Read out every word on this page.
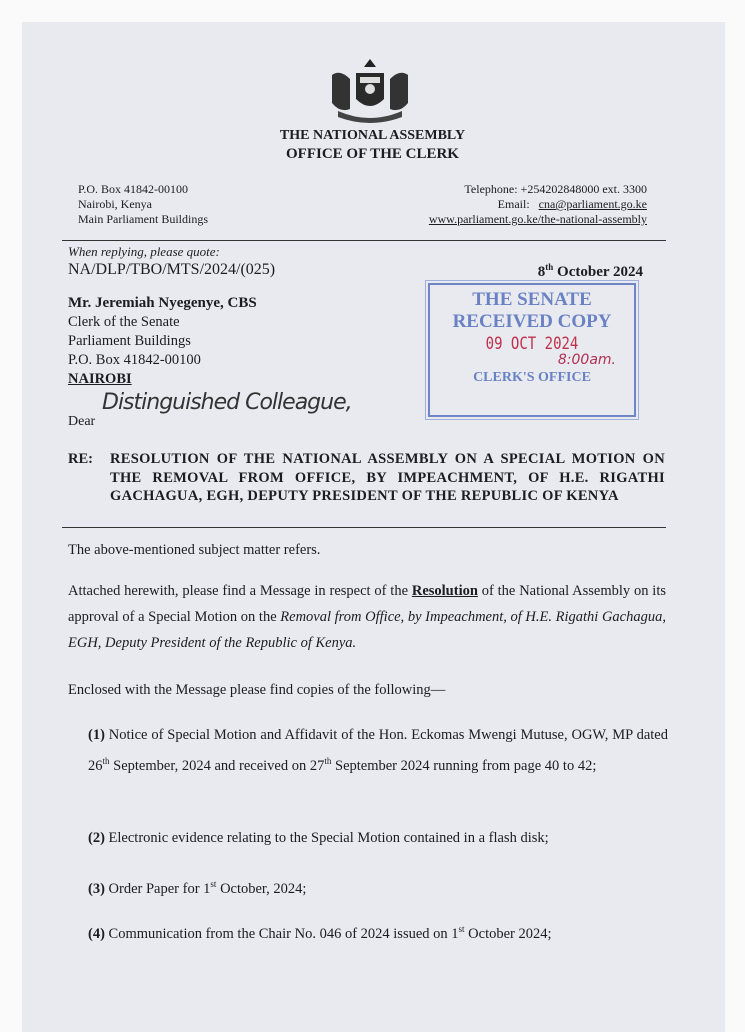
THE NATIONAL ASSEMBLY
OFFICE OF THE CLERK
P.O. Box 41842-00100
Nairobi, Kenya
Main Parliament Buildings
Telephone: +254202848000 ext. 3300
Email: cna@parliament.go.ke
www.parliament.go.ke/the-national-assembly
When replying, please quote:
NA/DLP/TBO/MTS/2024/(025)	8th October 2024
Mr. Jeremiah Nyegenye, CBS
Clerk of the Senate
Parliament Buildings
P.O. Box 41842-00100
NAIROBI
Dear
Distinguished Colleague,
THE SENATE
RECEIVED COPY
09 OCT 2024
8:00am.
CLERK'S OFFICE
RE: RESOLUTION OF THE NATIONAL ASSEMBLY ON A SPECIAL MOTION ON THE REMOVAL FROM OFFICE, BY IMPEACHMENT, OF H.E. RIGATHI GACHAGUA, EGH, DEPUTY PRESIDENT OF THE REPUBLIC OF KENYA
The above-mentioned subject matter refers.
Attached herewith, please find a Message in respect of the Resolution of the National Assembly on its approval of a Special Motion on the Removal from Office, by Impeachment, of H.E. Rigathi Gachagua, EGH, Deputy President of the Republic of Kenya.
Enclosed with the Message please find copies of the following—
(1) Notice of Special Motion and Affidavit of the Hon. Eckomas Mwengi Mutuse, OGW, MP dated 26th September, 2024 and received on 27th September 2024 running from page 40 to 42;
(2) Electronic evidence relating to the Special Motion contained in a flash disk;
(3) Order Paper for 1st October, 2024;
(4) Communication from the Chair No. 046 of 2024 issued on 1st October 2024;
